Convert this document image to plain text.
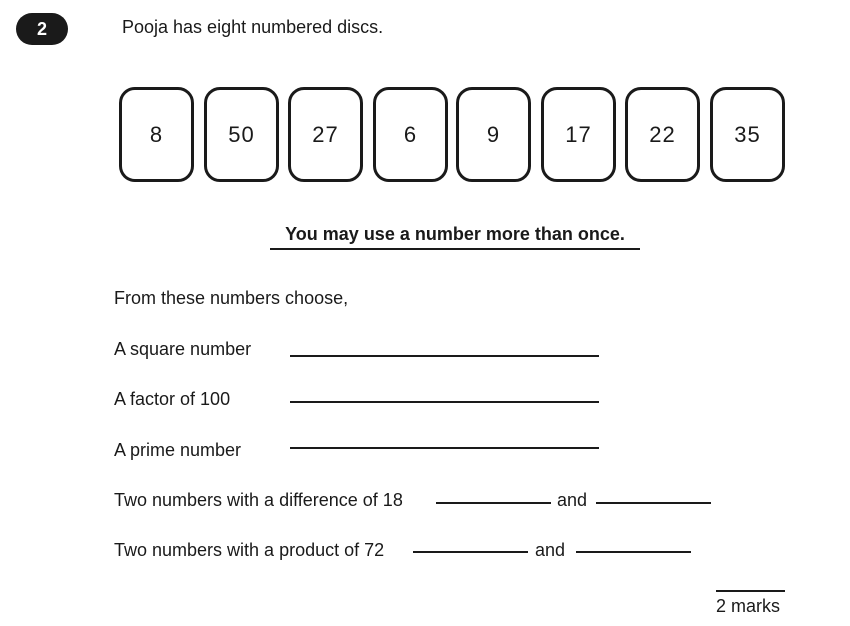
2	Pooja has eight numbered discs.
8	50	27	6	9	17	22	35
You may use a number more than once.
From these numbers choose,
A square number
A factor of 100
A prime number
Two numbers with a difference of 18	and
Two numbers with a product of 72	and
2 marks
